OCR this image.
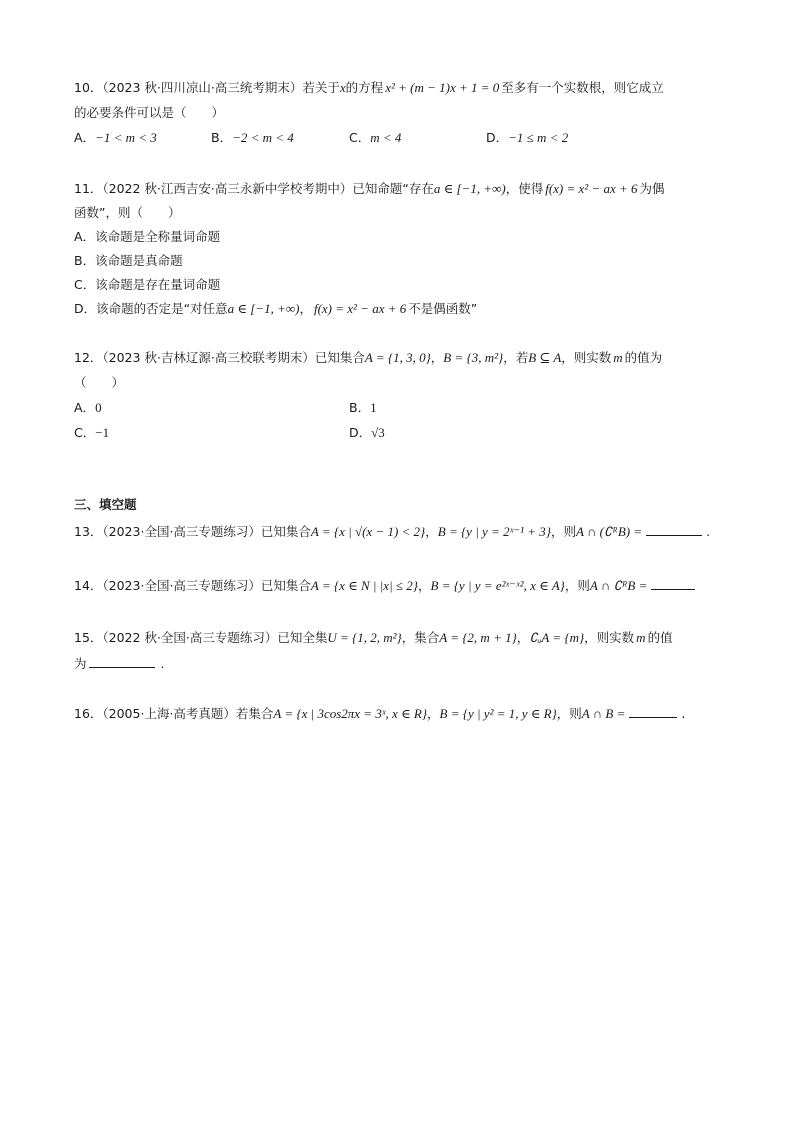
10．（2023 秋·四川凉山·高三统考期末）若关于x的方程 x² + (m − 1)x + 1 = 0 至多有一个实数根，则它成立
的必要条件可以是（　　）
A．−1 < m < 3	B．−2 < m < 4	C．m < 4	D．−1 ≤ m < 2
11．（2022 秋·江西吉安·高三永新中学校考期中）已知命题“存在a ∈ [−1, +∞)，使得 f(x) = x² − ax + 6 为偶
函数”，则（　　）
A．该命题是全称量词命题
B．该命题是真命题
C．该命题是存在量词命题
D．该命题的否定是“对任意a ∈ [−1, +∞)， f(x) = x² − ax + 6 不是偶函数”
12．（2023 秋·吉林辽源·高三校联考期末）已知集合A = {1, 3, 0}，B = {3, m²}，若B ⊆ A，则实数 m 的值为
（　　）
A．0	B．1
C．−1	D．√3
三、填空题
13．（2023·全国·高三专题练习）已知集合A = {x | √(x − 1) < 2}，B = {y | y = 2ˣ⁻¹ + 3}，则A ∩ (∁ᴿB) =	.
14．（2023·全国·高三专题练习）已知集合A = {x ∈ N | |x| ≤ 2}，B = {y | y = e²ˣ⁻ˣ², x ∈ A}，则A ∩ ∁ᴿB =
15．（2022 秋·全国·高三专题练习）已知全集U = {1, 2, m²}，集合A = {2, m + 1}，∁ᵤA = {m}，则实数 m 的值
为	.
16．（2005·上海·高考真题）若集合A = {x | 3cos2πx = 3ˣ, x ∈ R}，B = {y | y² = 1, y ∈ R}，则A ∩ B =	.
